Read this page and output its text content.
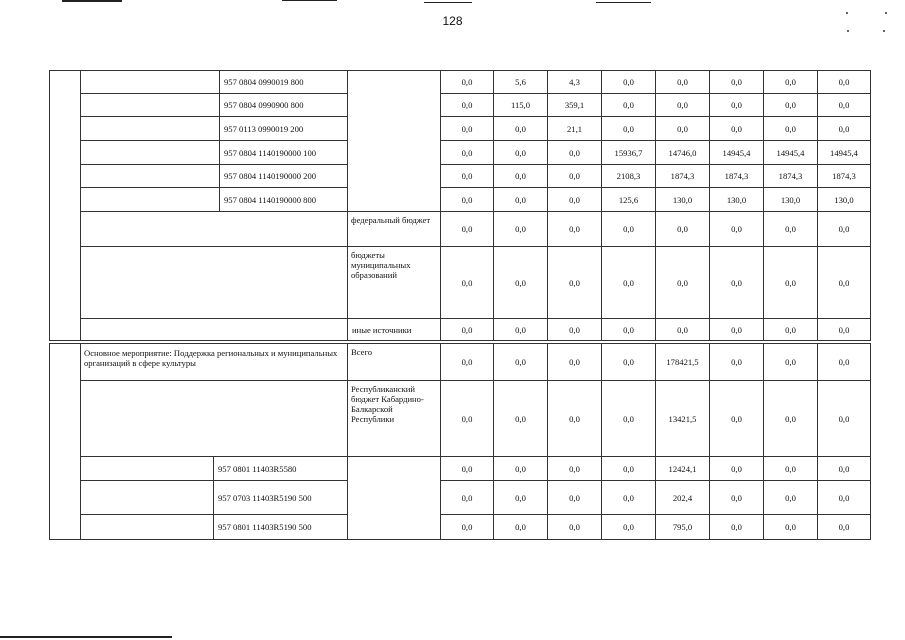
128
		957 0804 0990019 800		0,0	5,6	4,3	0,0	0,0	0,0	0,0	0,0
		957 0804 0990900 800		0,0	115,0	359,1	0,0	0,0	0,0	0,0	0,0
		957 0113 0990019 200		0,0	0,0	21,1	0,0	0,0	0,0	0,0	0,0
		957 0804 1140190000 100		0,0	0,0	0,0	15936,7	14746,0	14945,4	14945,4	14945,4
		957 0804 1140190000 200		0,0	0,0	0,0	2108,3	1874,3	1874,3	1874,3	1874,3
		957 0804 1140190000 800		0,0	0,0	0,0	125,6	130,0	130,0	130,0	130,0
			федеральный бюджет	0,0	0,0	0,0	0,0	0,0	0,0	0,0	0,0
			бюджеты муниципальных образований	0,0	0,0	0,0	0,0	0,0	0,0	0,0	0,0
			иные источники	0,0	0,0	0,0	0,0	0,0	0,0	0,0	0,0
	Основное мероприятие: Поддержка региональных и муниципальных организаций в сфере культуры		Всего	0,0	0,0	0,0	0,0	178421,5	0,0	0,0	0,0
			Республиканский бюджет Кабардино-Балкарской Республики	0,0	0,0	0,0	0,0	13421,5	0,0	0,0	0,0
		957 0801 11403R5580		0,0	0,0	0,0	0,0	12424,1	0,0	0,0	0,0
		957 0703 11403R5190 500		0,0	0,0	0,0	0,0	202,4	0,0	0,0	0,0
		957 0801 11403R5190 500		0,0	0,0	0,0	0,0	795,0	0,0	0,0	0,0
